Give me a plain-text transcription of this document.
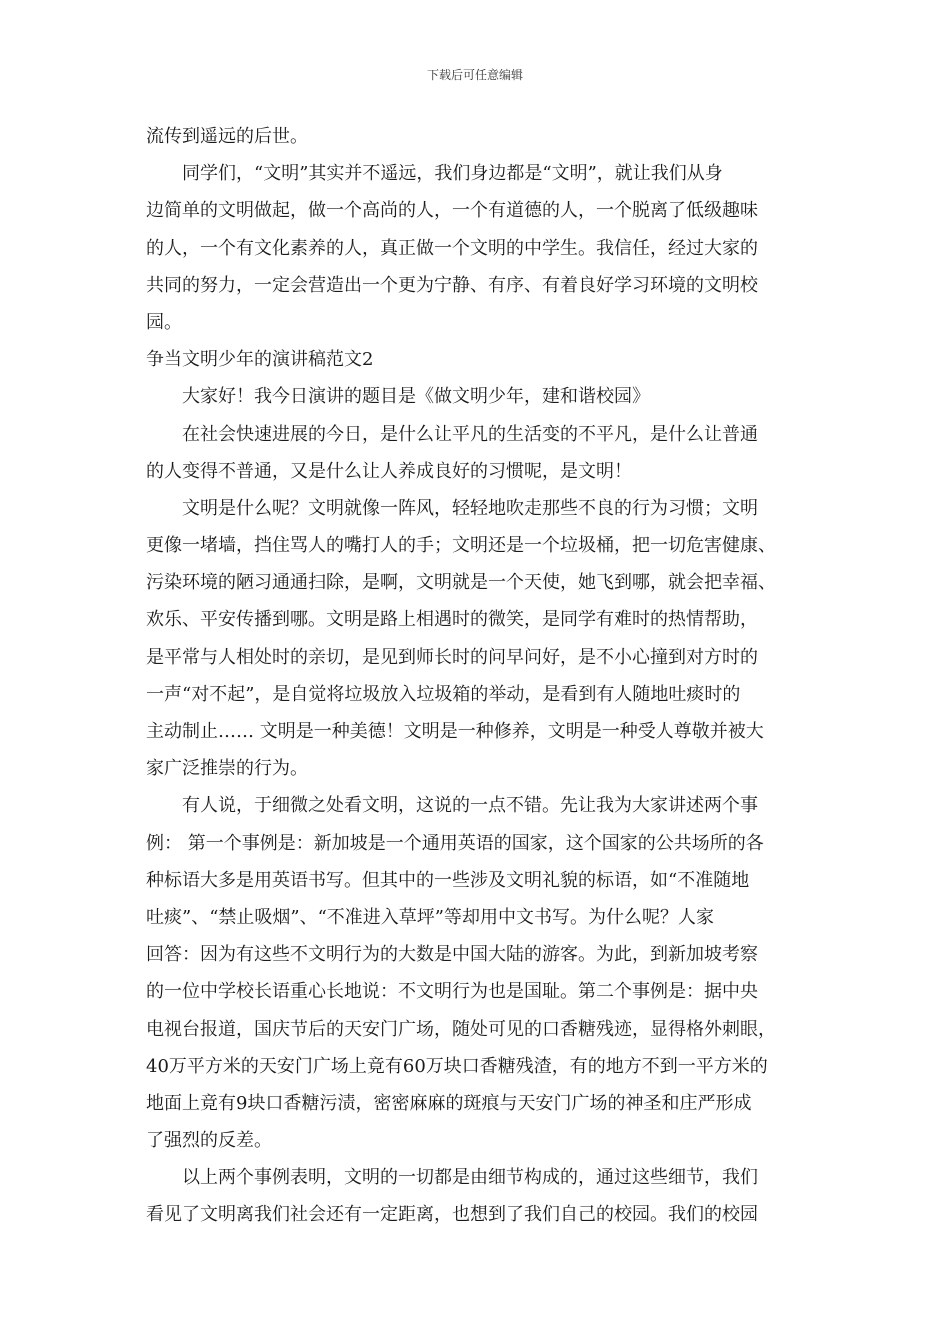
下载后可任意编辑
流传到遥远的后世。
同学们，“文明”其实并不遥远，我们身边都是“文明”，就让我们从身
边简单的文明做起，做一个高尚的人，一个有道德的人，一个脱离了低级趣味
的人，一个有文化素养的人，真正做一个文明的中学生。我信任，经过大家的
共同的努力，一定会营造出一个更为宁静、有序、有着良好学习环境的文明校
园。
争当文明少年的演讲稿范文2
大家好！我今日演讲的题目是《做文明少年，建和谐校园》
在社会快速进展的今日，是什么让平凡的生活变的不平凡，是什么让普通
的人变得不普通，又是什么让人养成良好的习惯呢，是文明！
文明是什么呢？文明就像一阵风，轻轻地吹走那些不良的行为习惯；文明
更像一堵墙，挡住骂人的嘴打人的手；文明还是一个垃圾桶，把一切危害健康、
污染环境的陋习通通扫除，是啊，文明就是一个天使，她飞到哪，就会把幸福、
欢乐、平安传播到哪。文明是路上相遇时的微笑，是同学有难时的热情帮助，
是平常与人相处时的亲切，是见到师长时的问早问好，是不小心撞到对方时的
一声“对不起”，是自觉将垃圾放入垃圾箱的举动，是看到有人随地吐痰时的
主动制止…… 文明是一种美德！文明是一种修养，文明是一种受人尊敬并被大
家广泛推崇的行为。
有人说，于细微之处看文明，这说的一点不错。先让我为大家讲述两个事
例： 第一个事例是：新加坡是一个通用英语的国家，这个国家的公共场所的各
种标语大多是用英语书写。但其中的一些涉及文明礼貌的标语，如“不准随地
吐痰”、“禁止吸烟”、“不准进入草坪”等却用中文书写。为什么呢？人家
回答：因为有这些不文明行为的大数是中国大陆的游客。为此，到新加坡考察
的一位中学校长语重心长地说：不文明行为也是国耻。第二个事例是：据中央
电视台报道，国庆节后的天安门广场，随处可见的口香糖残迹，显得格外刺眼，
40万平方米的天安门广场上竟有60万块口香糖残渣，有的地方不到一平方米的
地面上竟有9块口香糖污渍，密密麻麻的斑痕与天安门广场的神圣和庄严形成
了强烈的反差。
以上两个事例表明，文明的一切都是由细节构成的，通过这些细节，我们
看见了文明离我们社会还有一定距离，也想到了我们自己的校园。我们的校园
